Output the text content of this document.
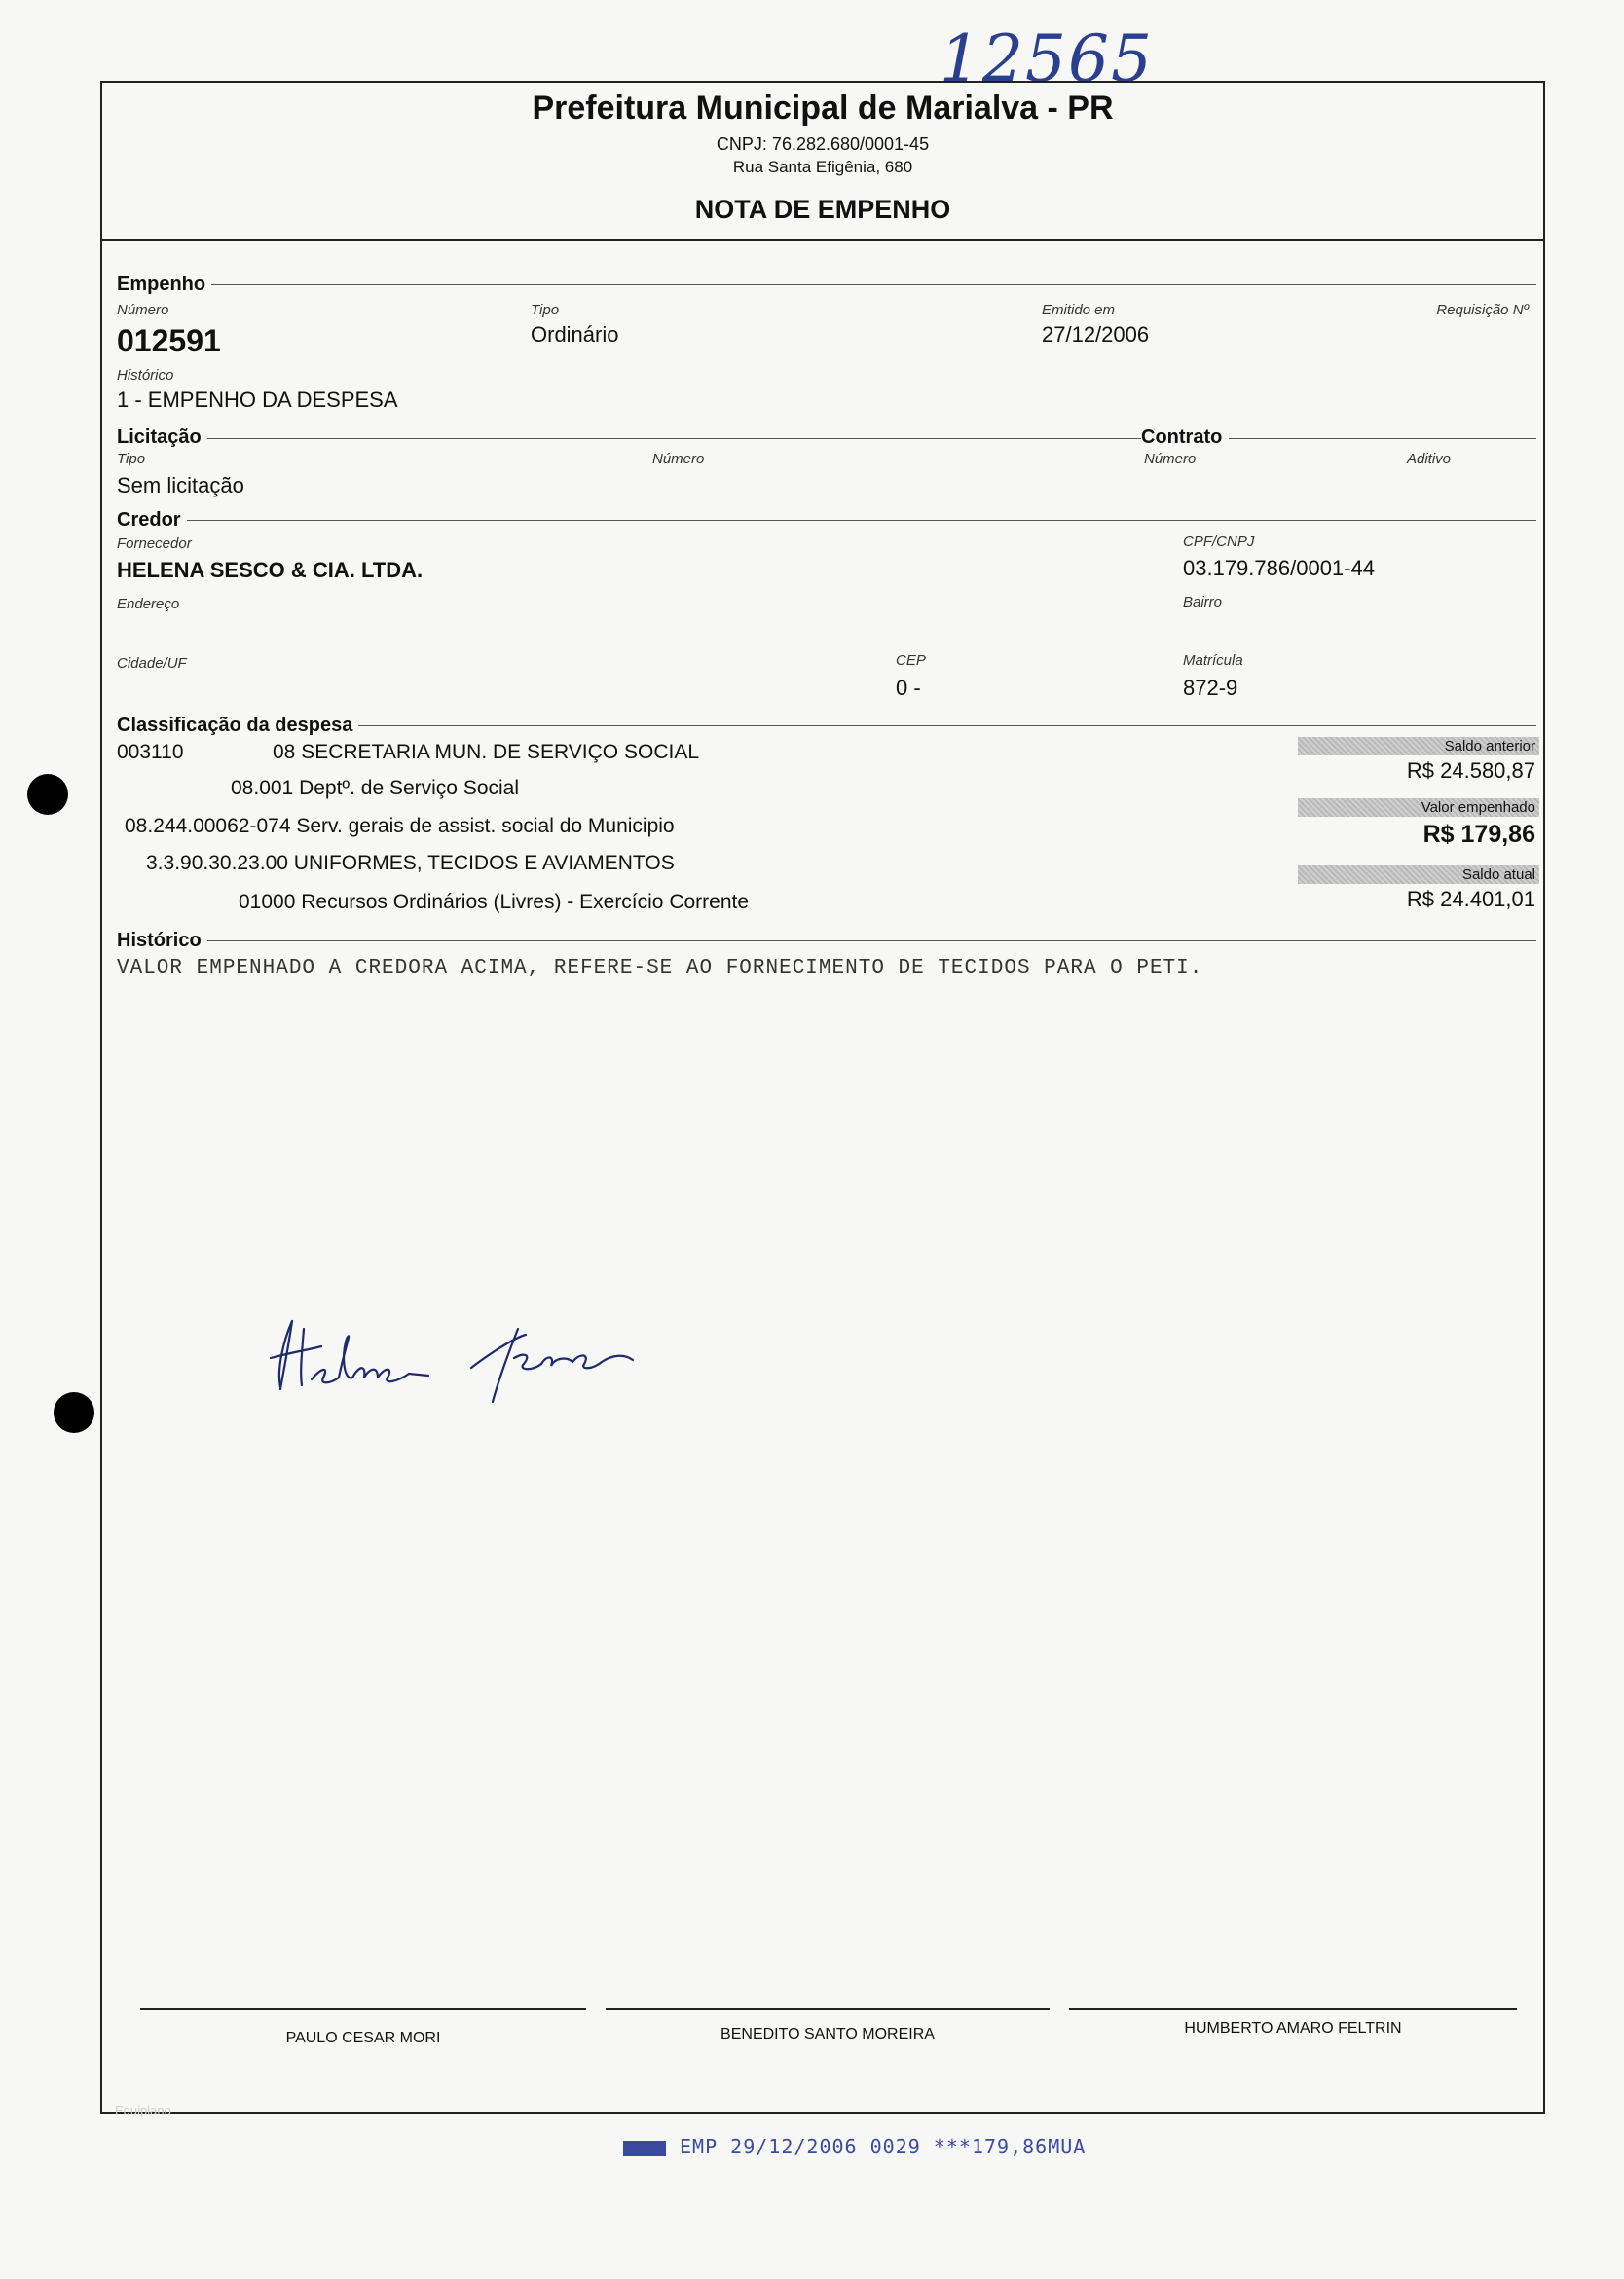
12565
Prefeitura Municipal de Marialva - PR
CNPJ: 76.282.680/0001-45
Rua Santa Efigênia, 680
NOTA DE EMPENHO
Empenho
Número
012591
Tipo
Ordinário
Emitido em
27/12/2006
Requisição Nº
Histórico
1 - EMPENHO DA DESPESA
Licitação	Contrato
Tipo
Sem licitação
Número	Número	Aditivo
Credor
Fornecedor
HELENA SESCO & CIA. LTDA.
CPF/CNPJ
03.179.786/0001-44
Endereço	Bairro
Cidade/UF	CEP
0 -
Matrícula
872-9
Classificação da despesa
003110	08 SECRETARIA MUN. DE SERVIÇO SOCIAL
08.001 Deptº. de Serviço Social
08.244.00062-074 Serv. gerais de assist. social do Municipio
3.3.90.30.23.00 UNIFORMES, TECIDOS E AVIAMENTOS
01000 Recursos Ordinários (Livres) - Exercício Corrente
Saldo anterior
R$ 24.580,87
Valor empenhado
R$ 179,86
Saldo atual
R$ 24.401,01
Histórico
VALOR EMPENHADO A CREDORA ACIMA, REFERE-SE AO FORNECIMENTO DE TECIDOS PARA O PETI.
PAULO CESAR MORI	BENEDITO SANTO MOREIRA	HUMBERTO AMARO FELTRIN
Equiplano
EMP 29/12/2006 0029 ***179,86MUA
